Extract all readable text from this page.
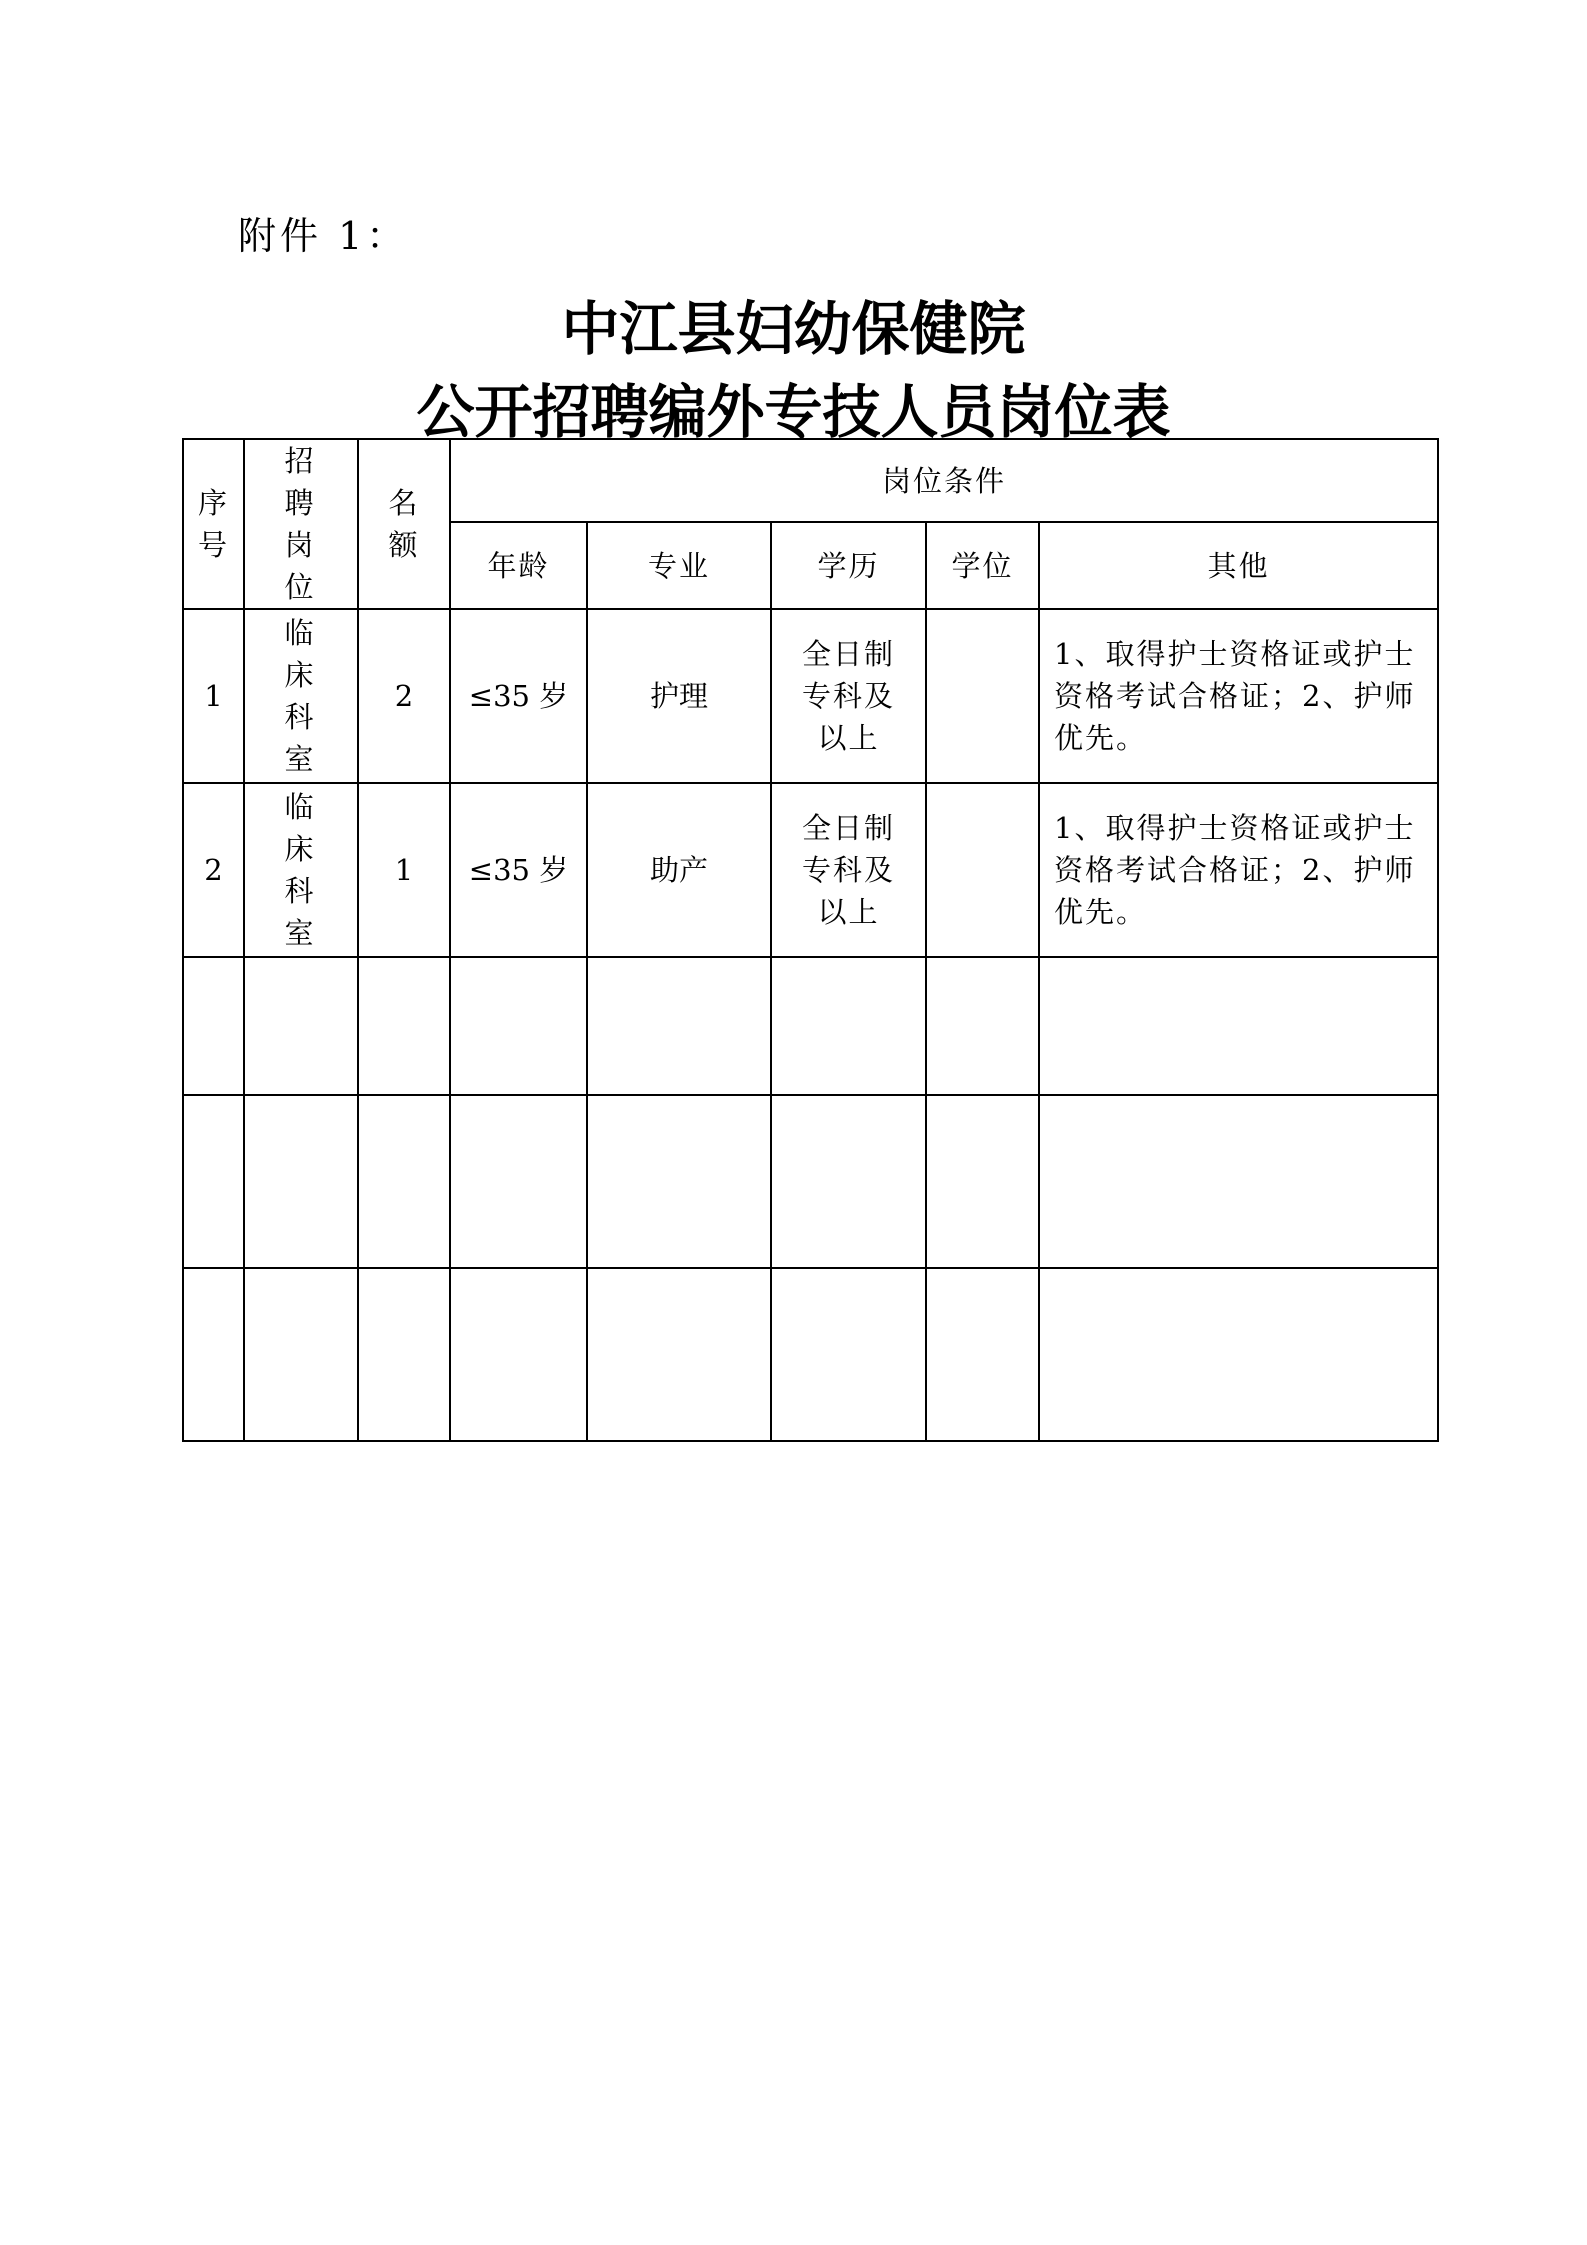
附件 1：
中江县妇幼保健院
公开招聘编外专技人员岗位表
序号	招聘岗位	名额	岗位条件				
			年龄	专业	学历	学位	其他
1	临床科室	2	≤35 岁	护理	全日制专科及以上		1、取得护士资格证或护士资格考试合格证；2、护师优先。
2	临床科室	1	≤35 岁	助产	全日制专科及以上		1、取得护士资格证或护士资格考试合格证；2、护师优先。
